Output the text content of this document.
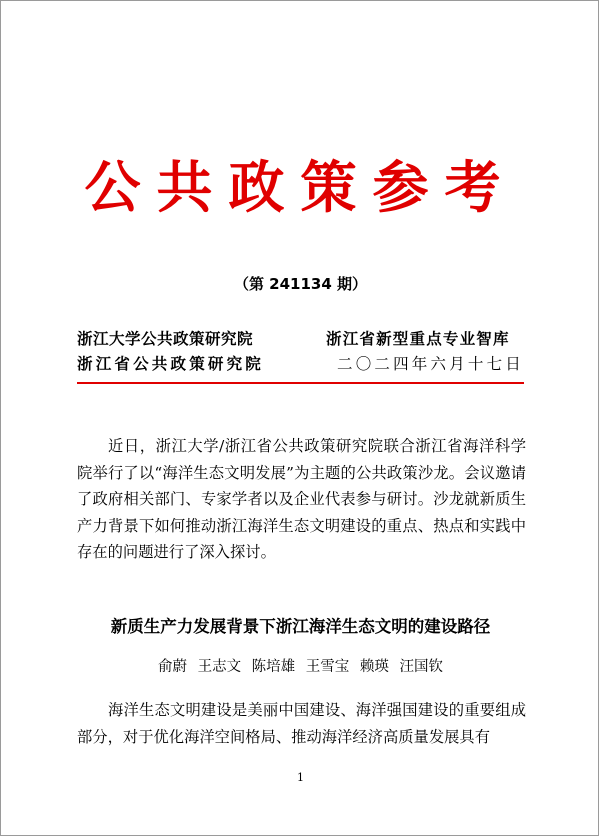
公共政策参考
（第 241134 期）
浙江大学公共政策研究院
浙江省公共政策研究院
浙江省新型重点专业智库
二〇二四年六月十七日
近日，浙江大学/浙江省公共政策研究院联合浙江省海洋科学院举行了以“海洋生态文明发展”为主题的公共政策沙龙。会议邀请了政府相关部门、专家学者以及企业代表参与研讨。沙龙就新质生产力背景下如何推动浙江海洋生态文明建设的重点、热点和实践中存在的问题进行了深入探讨。
新质生产力发展背景下浙江海洋生态文明的建设路径
俞蔚 王志文 陈培雄 王雪宝 赖瑛 汪国钦
海洋生态文明建设是美丽中国建设、海洋强国建设的重要组成部分，对于优化海洋空间格局、推动海洋经济高质量发展具有
1
